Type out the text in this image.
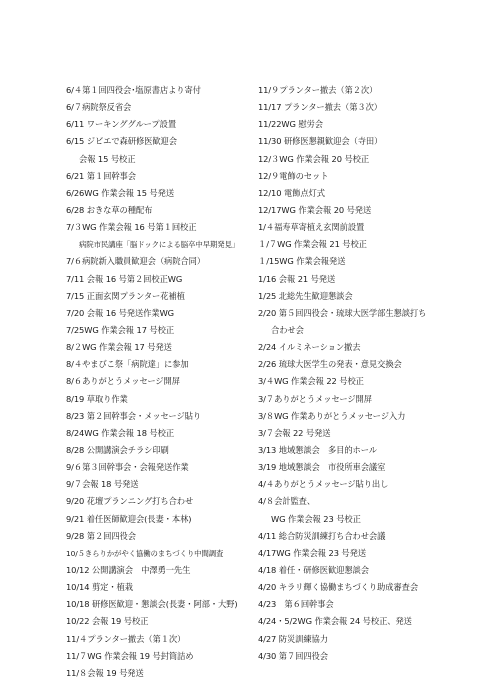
6/４第１回四役会･塩原書店より寄付
6/７病院祭反省会
6/11 ワーキンググループ設置
6/15 ジビエで森研修医歓迎会
会報 15 号校正
6/21 第１回幹事会
6/26WG 作業会報 15 号発送
6/28 おきな草の種配布
7/３WG 作業会報 16 号第１回校正
病院市民講座「脳ドックによる脳卒中早期発見」
7/６病院新入職員歓迎会（病院合同）
7/11 会報 16 号第２回校正WG
7/15 正面玄関プランター花補植
7/20 会報 16 号発送作業WG
7/25WG 作業会報 17 号校正
8/２WG 作業会報 17 号発送
8/４やまびこ祭「病院達」に参加
8/６ありがとうメッセージ開屏
8/19 草取り作業
8/23 第２回幹事会・メッセージ貼り
8/24WG 作業会報 18 号校正
8/28 公開講演会チラシ印刷
9/６第３回幹事会・会報発送作業
9/７会報 18 号発送
9/20 花壇プランニング打ち合わせ
9/21 着任医師歓迎会(長妻・本林)
9/28 第２回四役会
10/５きらりかがやく協働のまちづくり中間調査
10/12 公開講演会　中澤勇一先生
10/14 剪定・植栽
10/18 研修医歓迎・懇談会(長妻・阿部・大野)
10/22 会報 19 号校正
11/４プランター撤去（第１次）
11/７WG 作業会報 19 号封筒詰め
11/８会報 19 号発送
11/９プランター撤去（第２次）
11/17 プランター撤去（第３次）
11/22WG 慰労会
11/30 研修医懇親歓迎会（寺田）
12/３WG 作業会報 20 号校正
12/９電飾のセット
12/10 電飾点灯式
12/17WG 作業会報 20 号発送
1/４福寿草寄植え玄関前設置
１/７WG 作業会報 21 号校正
１/15WG 作業会報発送
1/16 会報 21 号発送
1/25 北総先生歓迎懇談会
2/20 第５回四役会・琉球大医学部生懇談打ち
合わせ会
2/24 イルミネーション撤去
2/26 琉球大医学生の発表・意見交換会
3/４WG 作業会報 22 号校正
3/７ありがとうメッセージ開屏
3/８WG 作業ありがとうメッセージ入力
3/７会報 22 号発送
3/13 地域懇談会　多目的ホール
3/19 地域懇談会　市役所車会議室
4/４ありがとうメッセージ貼り出し
4/８会計監査、
WG 作業会報 23 号校正
4/11 総合防災訓練打ち合わせ会議
4/17WG 作業会報 23 号発送
4/18 着任・研修医歓迎懇談会
4/20 キラリ輝く協働まちづくり助成審査会
4/23　第６回幹事会
4/24・5/2WG 作業会報 24 号校正、発送
4/27 防災訓練協力
4/30 第７回四役会
